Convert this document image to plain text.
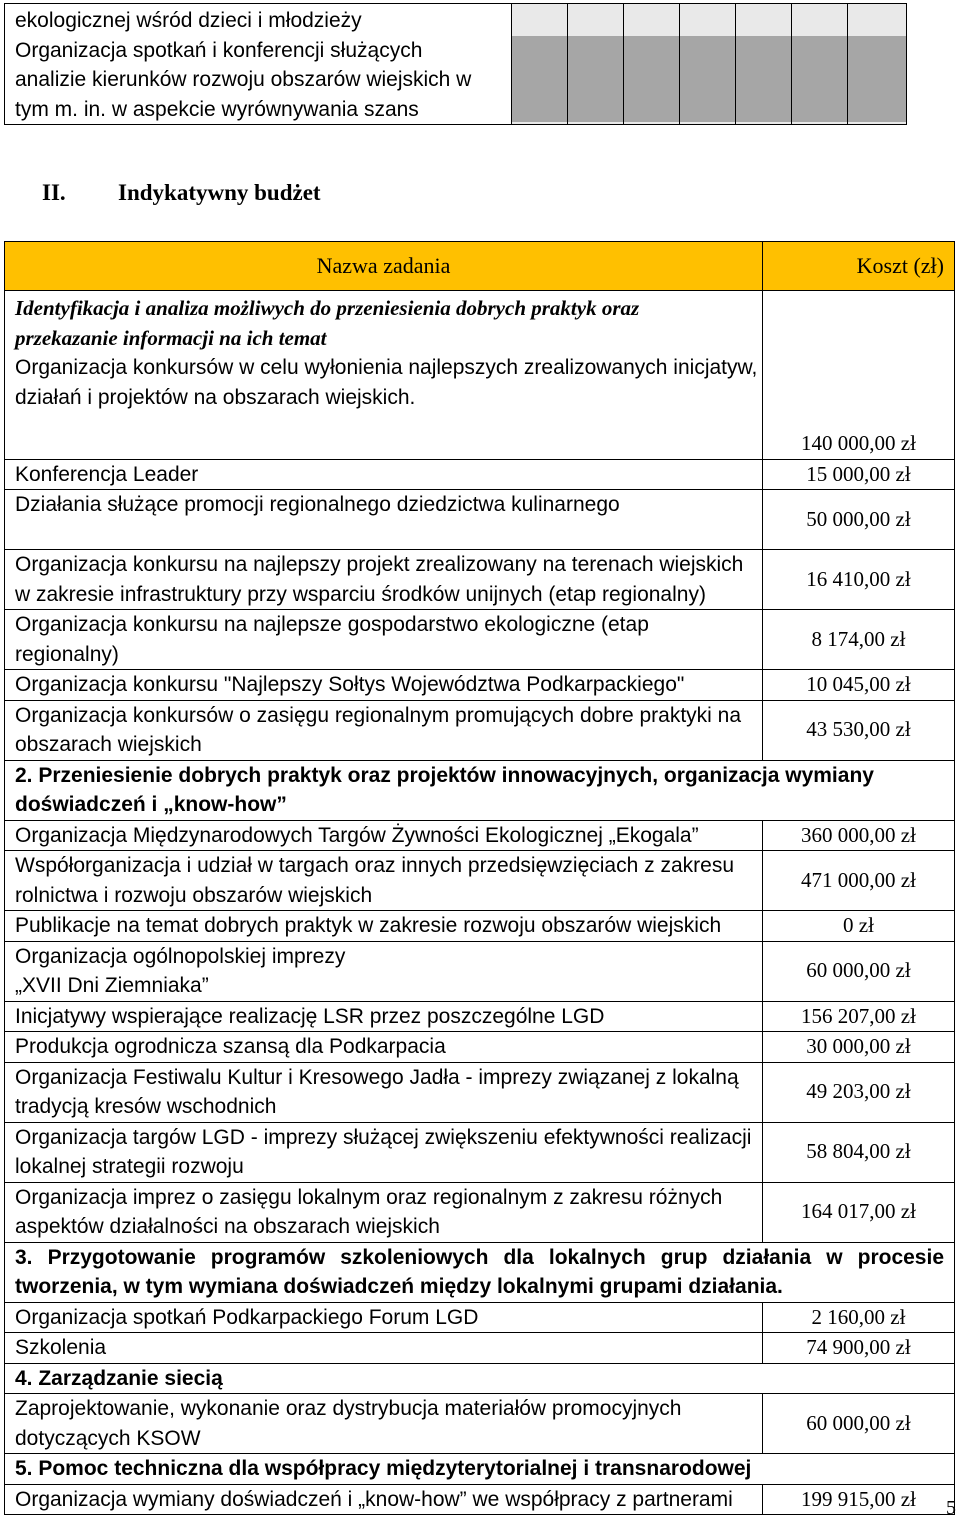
ekologicznej wśród dzieci i młodzieży
Organizacja spotkań i konferencji służących
analizie kierunków rozwoju obszarów wiejskich w
tym m. in. w aspekcie wyrównywania szans

II. Indykatywny budżet
Nazwa zadania	Koszt (zł)

Identyfikacja i analiza możliwych do przeniesienia dobrych praktyk oraz
przekazanie informacji na ich temat
Organizacja konkursów w celu wyłonienia najlepszych zrealizowanych inicjatyw,
działań i projektów na obszarach wiejskich.	140 000,00 zł

Konferencja Leader	15 000,00 zł

Działania służące promocji regionalnego dziedzictwa kulinarnego	50 000,00 zł

Organizacja konkursu na najlepszy projekt zrealizowany na terenach wiejskich
w zakresie infrastruktury przy wsparciu środków unijnych (etap regionalny)	16 410,00 zł

Organizacja konkursu na najlepsze gospodarstwo ekologiczne (etap
regionalny)	8 174,00 zł

Organizacja konkursu "Najlepszy Sołtys Województwa Podkarpackiego"	10 045,00 zł

Organizacja konkursów o zasięgu regionalnym promujących dobre praktyki na
obszarach wiejskich	43 530,00 zł

2. Przeniesienie dobrych praktyk oraz projektów innowacyjnych, organizacja wymiany
doświadczeń i „know-how”	

Organizacja Międzynarodowych Targów Żywności Ekologicznej „Ekogala”	360 000,00 zł

Współorganizacja i udział w targach oraz innych przedsięwzięciach z zakresu
rolnictwa i rozwoju obszarów wiejskich	471 000,00 zł

Publikacje na temat dobrych praktyk w zakresie rozwoju obszarów wiejskich	0 zł

Organizacja ogólnopolskiej imprezy
„XVII Dni Ziemniaka”	60 000,00 zł

Inicjatywy wspierające realizację LSR przez poszczególne LGD	156 207,00 zł

Produkcja ogrodnicza szansą dla Podkarpacia	30 000,00 zł

Organizacja Festiwalu Kultur i Kresowego Jadła - imprezy związanej z lokalną
tradycją kresów wschodnich	49 203,00 zł

Organizacja targów LGD - imprezy służącej zwiększeniu efektywności realizacji
lokalnej strategii rozwoju	58 804,00 zł

Organizacja imprez o zasięgu lokalnym oraz regionalnym z zakresu różnych
aspektów działalności na obszarach wiejskich	164 017,00 zł

3. Przygotowanie programów szkoleniowych dla lokalnych grup działania w procesie
tworzenia, w tym wymiana doświadczeń między lokalnymi grupami działania.	

Organizacja spotkań Podkarpackiego Forum LGD	2 160,00 zł

Szkolenia	74 900,00 zł

4. Zarządzanie siecią	

Zaprojektowanie, wykonanie oraz dystrybucja materiałów promocyjnych
dotyczących KSOW	60 000,00 zł

5. Pomoc techniczna dla współpracy międzyterytorialnej i transnarodowej	

Organizacja wymiany doświadczeń i „know-how” we współpracy z partnerami	199 915,00 zł 5
